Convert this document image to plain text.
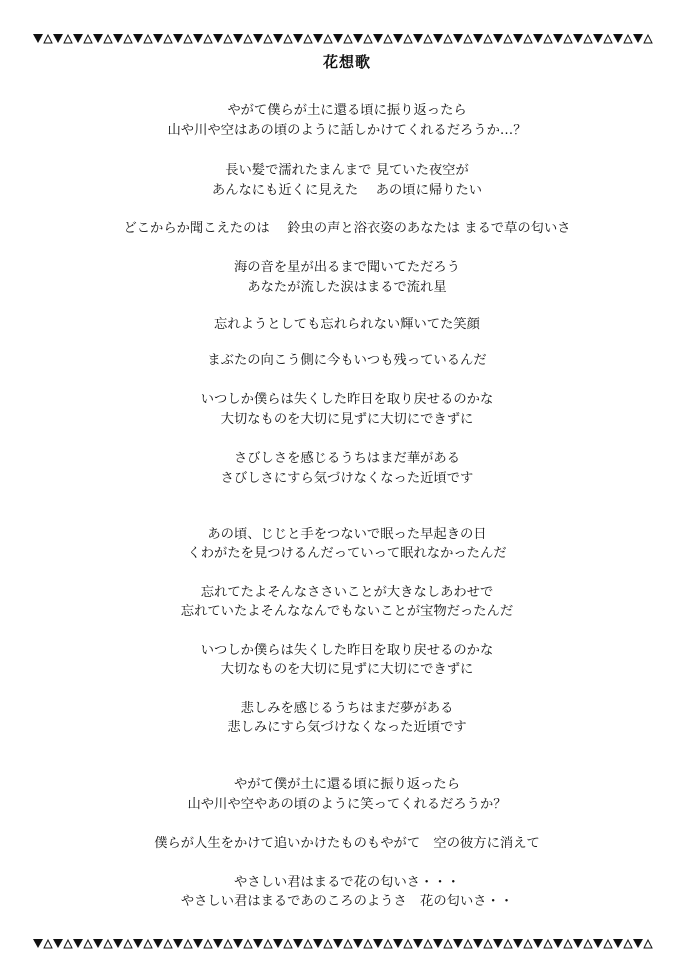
花想歌
やがて僕らが土に還る頃に振り返ったら
山や川や空はあの頃のように話しかけてくれるだろうか…？
長い髪で濡れたまんまで 見ていた夜空が
あんなにも近くに見えた　 あの頃に帰りたい
どこからか聞こえたのは　 鈴虫の声と浴衣姿のあなたは まるで草の匂いさ
海の音を星が出るまで聞いてただろう
あなたが流した涙はまるで流れ星
忘れようとしても忘れられない輝いてた笑顔
まぶたの向こう側に今もいつも残っているんだ
いつしか僕らは失くした昨日を取り戻せるのかな
大切なものを大切に見ずに大切にできずに
さびしさを感じるうちはまだ華がある
さびしさにすら気づけなくなった近頃です
あの頃、じじと手をつないで眠った早起きの日
くわがたを見つけるんだっていって眠れなかったんだ
忘れてたよそんなささいことが大きなしあわせで
忘れていたよそんななんでもないことが宝物だったんだ
いつしか僕らは失くした昨日を取り戻せるのかな
大切なものを大切に見ずに大切にできずに
悲しみを感じるうちはまだ夢がある
悲しみにすら気づけなくなった近頃です
やがて僕が土に還る頃に振り返ったら
山や川や空やあの頃のように笑ってくれるだろうか？
僕らが人生をかけて追いかけたものもやがて　空の彼方に消えて
やさしい君はまるで花の匂いさ・・・
やさしい君はまるであのころのようさ　花の匂いさ・・
